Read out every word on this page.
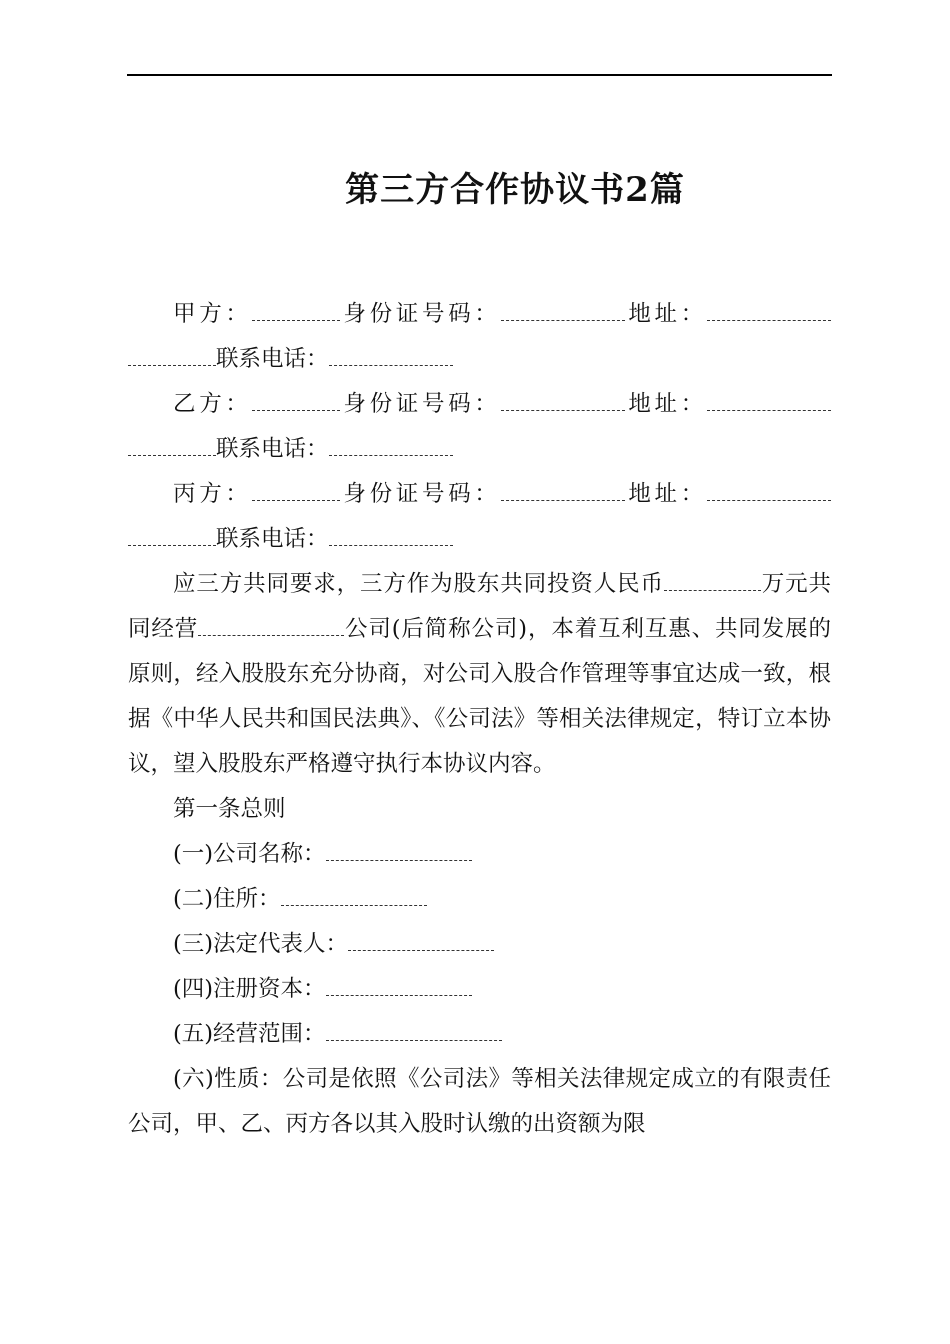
第三方合作协议书2篇

甲方：	身份证号码：	地址： 联系电话：

乙方：	身份证号码：	地址： 联系电话：

丙方：	身份证号码：	地址： 联系电话：

应三方共同要求，三方作为股东共同投资人民币	万元共同经营	公司(后简称公司)，本着互利互惠、共同发展的原则，经入股股东充分协商，对公司入股合作管理等事宜达成一致，根据《中华人民共和国民法典》、《公司法》等相关法律规定，特订立本协议，望入股股东严格遵守执行本协议内容。

第一条总则

(一)公司名称：

(二)住所：

(三)法定代表人：

(四)注册资本：

(五)经营范围：

(六)性质：公司是依照《公司法》等相关法律规定成立的有限责任公司，甲、乙、丙方各以其入股时认缴的出资额为限
